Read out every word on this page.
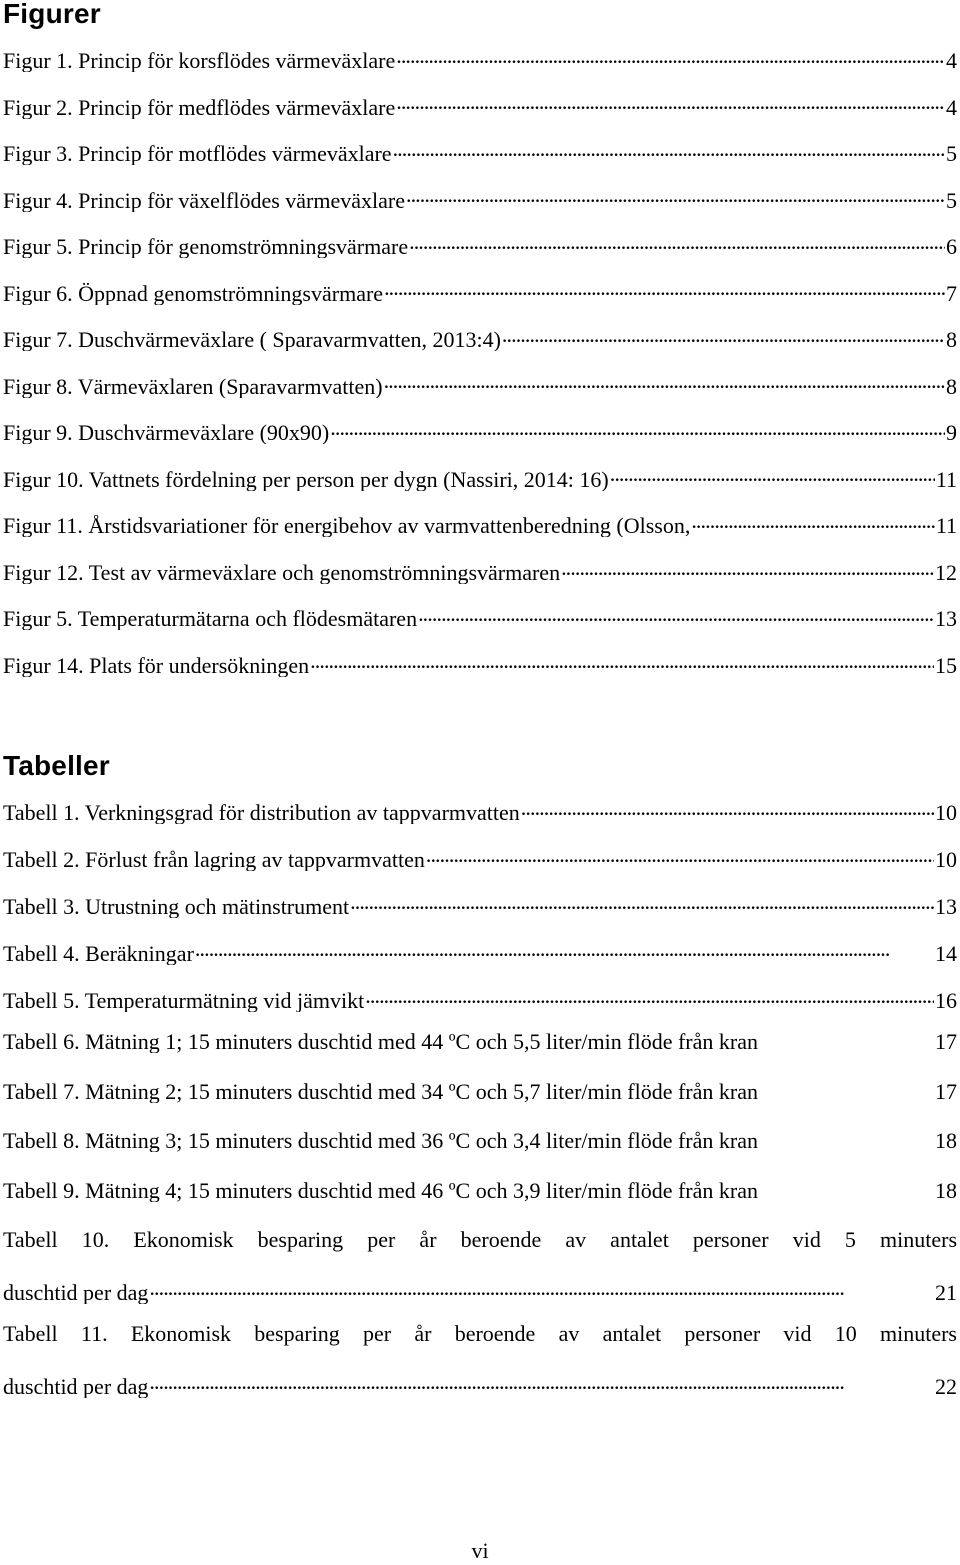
Figurer
Figur 1. Princip för korsflödes värmeväxlare . . .	4
Figur 2. Princip för medflödes värmeväxlare . . .	4
Figur 3. Princip för motflödes värmeväxlare . . .	5
Figur 4. Princip för växelflödes värmeväxlare . . .	5
Figur 5. Princip för genomströmningsvärmare . . .	6
Figur 6. Öppnad genomströmningsvärmare . . .	7
Figur 7. Duschvärmeväxlare ( Sparavarmvatten, 2013:4) . . .	8
Figur 8. Värmeväxlaren (Sparavarmvatten) . . .	8
Figur 9. Duschvärmeväxlare (90x90) . . .	9
Figur 10. Vattnets fördelning per person per dygn (Nassiri, 2014: 16) . . .	11
Figur 11. Årstidsvariationer för energibehov av varmvattenberedning (Olsson, . . .	11
Figur 12. Test av värmeväxlare och genomströmningsvärmaren . . .	12
Figur 5. Temperaturmätarna och flödesmätaren . . .	13
Figur 14. Plats för undersökningen . . .	15
Tabeller
Tabell 1. Verkningsgrad för distribution av tappvarmvatten . . .	10
Tabell 2. Förlust från lagring av tappvarmvatten . . .	10
Tabell 3. Utrustning och mätinstrument . . .	13
Tabell 4. Beräkningar . . .	14
Tabell 5. Temperaturmätning vid jämvikt . . .	16
Tabell 6. Mätning 1; 15 minuters duschtid med 44 ºC och 5,5 liter/min flöde från kran	17
Tabell 7. Mätning 2; 15 minuters duschtid med 34 ºC och 5,7 liter/min flöde från kran	17
Tabell 8. Mätning 3; 15 minuters duschtid med 36 ºC och 3,4 liter/min flöde från kran	18
Tabell 9. Mätning 4; 15 minuters duschtid med 46 ºC och 3,9 liter/min flöde från kran	18
Tabell 10. Ekonomisk besparing per år beroende av antalet personer vid 5 minuters
duschtid per dag . . .	21
Tabell 11. Ekonomisk besparing per år beroende av antalet personer vid 10 minuters
duschtid per dag . . .	22
vi
